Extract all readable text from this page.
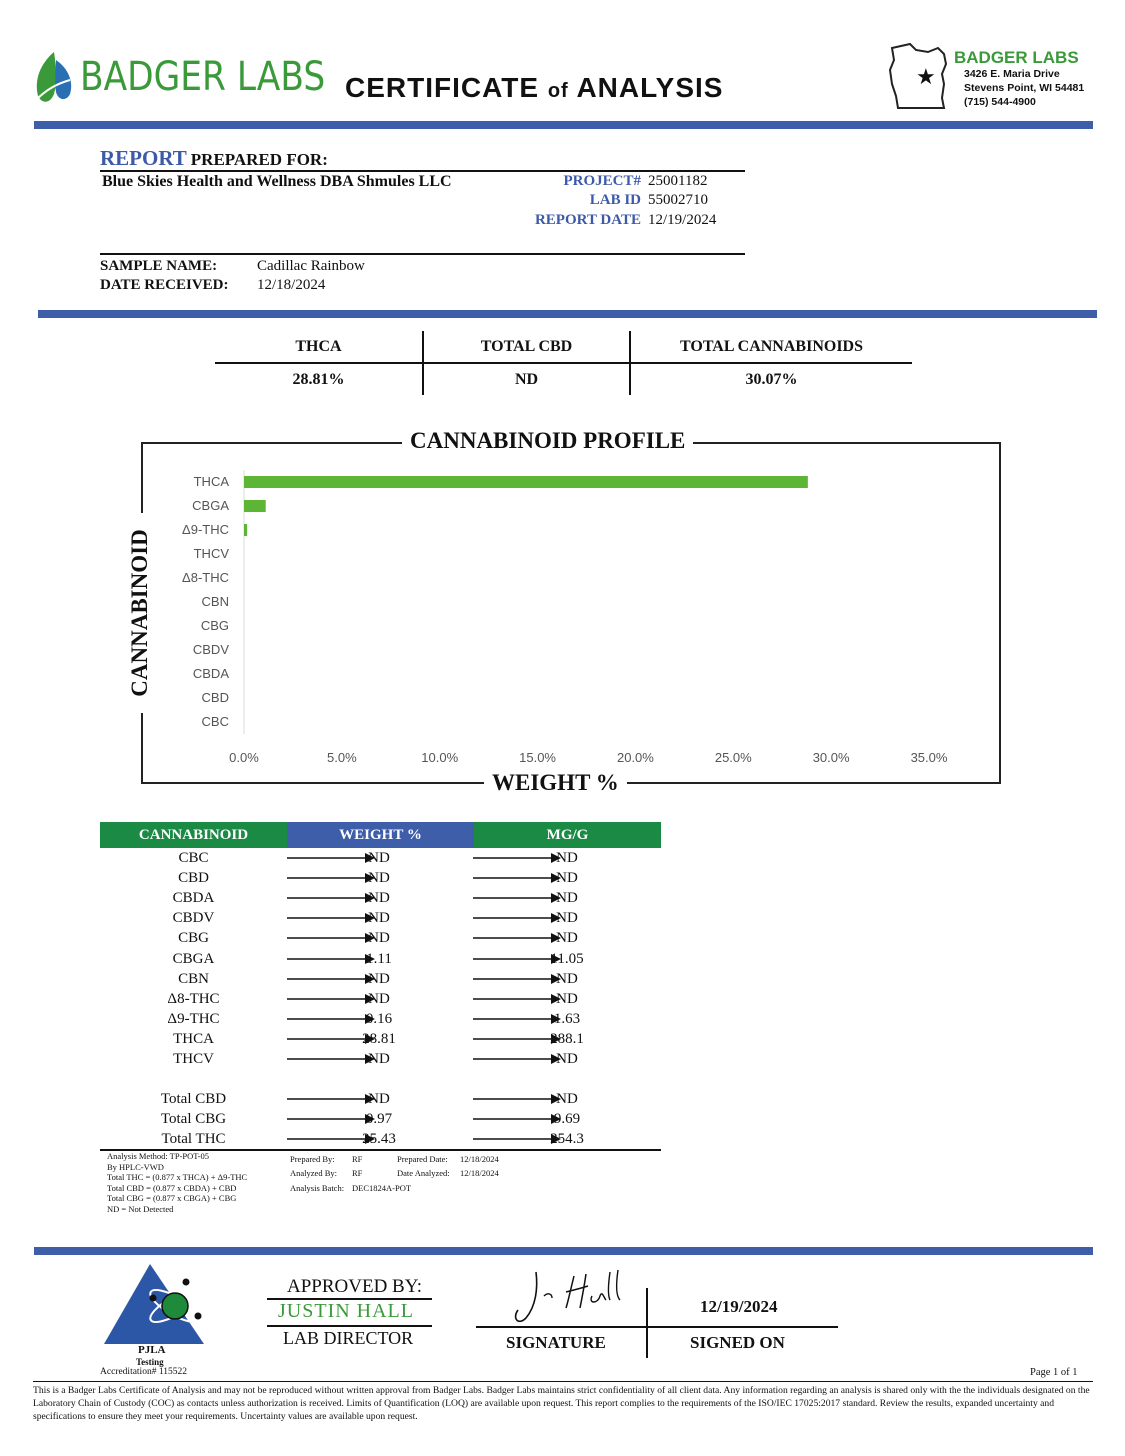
BADGER LABS CERTIFICATE of ANALYSIS	★
BADGER LABS
3426 E. Maria Drive
Stevens Point, WI 54481
(715) 544-4900
REPORT PREPARED FOR:
Blue Skies Health and Wellness DBA Shmules LLC	PROJECT# 25001182
LAB ID 55002710
REPORT DATE 12/19/2024
SAMPLE NAME:	Cadillac Rainbow
DATE RECEIVED: 12/18/2024
THCA	TOTAL CBD	TOTAL CANNABINOIDS
28.81%	ND	30.07%
CANNABINOID PROFILE
WEIGHT %
CANNABINOID
THCA
CBGA
Δ9-THC
THCV
Δ8-THC
CBN
CBG
CBDV
CBDA
CBD
CBC
0.0%	5.0%	10.0%	15.0%	20.0%	25.0%	30.0%	35.0%
CANNABINOID	WEIGHT %	MG/G
CBC	ND	ND
CBD	ND	ND
CBDA	ND	ND
CBDV	ND	ND
CBG	ND	ND
CBGA	1.11	11.05
CBN	ND	ND
Δ8-THC	ND	ND
Δ9-THC	0.16	1.63
THCA	28.81	288.1
THCV	ND	ND
Total CBD	ND	ND
Total CBG	0.97	9.69
Total THC	25.43	254.3
Analysis Method: TP-POT-05
By HPLC-VWD
Total THC = (0.877 x THCA) + Δ9-THC
Total CBD = (0.877 x CBDA) + CBD
Total CBG = (0.877 x CBGA) + CBG
ND = Not Detected
Prepared By: RF
Analyzed By: RF
Analysis Batch: DEC1824A-POT
Prepared Date: 12/18/2024
Date Analyzed: 12/18/2024
PJLA
Testing
Accreditation# 115522
APPROVED BY:
JUSTIN HALL
LAB DIRECTOR
12/19/2024
SIGNATURE	SIGNED ON
Page 1 of 1
This is a Badger Labs Certificate of Analysis and may not be reproduced without written approval from Badger Labs. Badger Labs maintains strict confidentiality of all client data. Any information regarding an analysis is shared only with the the individuals designated on the Laboratory Chain of Custody (COC) as contacts unless authorization is received. Limits of Quantification (LOQ) are available upon request. This report complies to the requirements of the ISO/IEC 17025:2017 standard. Review the results, expanded uncertainty and specifications to ensure they meet your requirements. Uncertainty values are available upon request.
